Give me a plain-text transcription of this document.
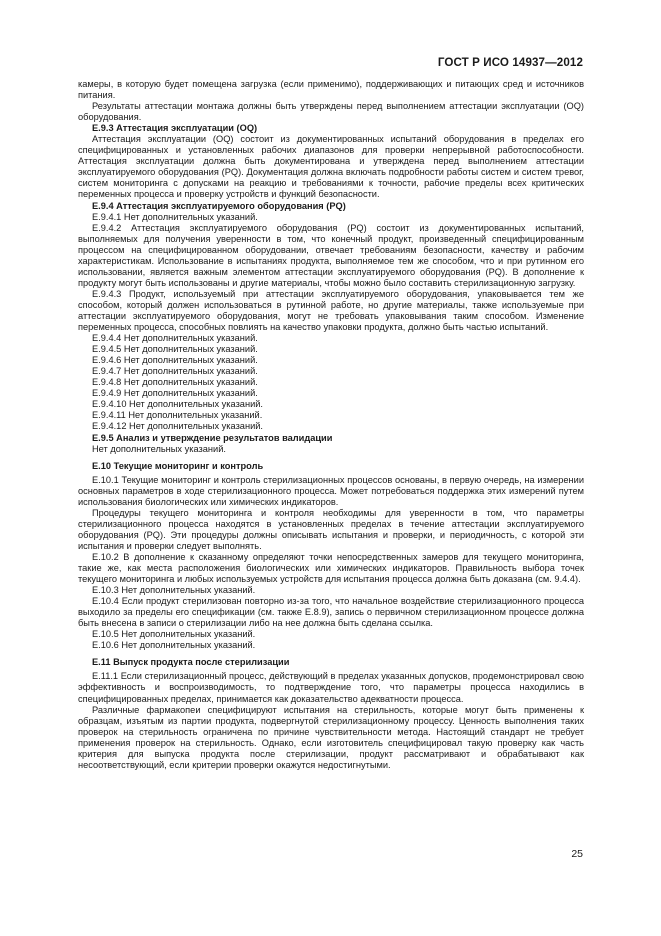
ГОСТ Р ИСО 14937—2012

камеры, в которую будет помещена загрузка (если применимо), поддерживающих и питающих сред и источников питания.

Результаты аттестации монтажа должны быть утверждены перед выполнением аттестации эксплуатации (OQ) оборудования.

Е.9.3 Аттестация эксплуатации (OQ)

Аттестация эксплуатации (OQ) состоит из документированных испытаний оборудования в пределах его специфицированных и установленных рабочих диапазонов для проверки непрерывной работоспособности. Аттестация эксплуатации должна быть документирована и утверждена перед выполнением аттестации эксплуатируемого оборудования (PQ). Документация должна включать подробности работы систем и систем тревог, систем мониторинга с допусками на реакцию и требованиями к точности, рабочие пределы всех критических переменных процесса и проверку устройств и функций безопасности.

Е.9.4 Аттестация эксплуатируемого оборудования (PQ)

Е.9.4.1 Нет дополнительных указаний.

Е.9.4.2 Аттестация эксплуатируемого оборудования (PQ) состоит из документированных испытаний, выполняемых для получения уверенности в том, что конечный продукт, произведенный специфицированным процессом на специфицированном оборудовании, отвечает требованиям безопасности, качеству и рабочим характеристикам. Использование в испытаниях продукта, выполняемое тем же способом, что и при рутинном его использовании, является важным элементом аттестации эксплуатируемого оборудования (PQ). В дополнение к продукту могут быть использованы и другие материалы, чтобы можно было составить стерилизационную загрузку.

Е.9.4.3 Продукт, используемый при аттестации эксплуатируемого оборудования, упаковывается тем же способом, который должен использоваться в рутинной работе, но другие материалы, также используемые при аттестации эксплуатируемого оборудования, могут не требовать упаковывания таким способом. Изменение переменных процесса, способных повлиять на качество упаковки продукта, должно быть частью испытаний.

Е.9.4.4 Нет дополнительных указаний.

Е.9.4.5 Нет дополнительных указаний.

Е.9.4.6 Нет дополнительных указаний.

Е.9.4.7 Нет дополнительных указаний.

Е.9.4.8 Нет дополнительных указаний.

Е.9.4.9 Нет дополнительных указаний.

Е.9.4.10 Нет дополнительных указаний.

Е.9.4.11 Нет дополнительных указаний.

Е.9.4.12 Нет дополнительных указаний.

Е.9.5 Анализ и утверждение результатов валидации

Нет дополнительных указаний.

Е.10 Текущие мониторинг и контроль

Е.10.1 Текущие мониторинг и контроль стерилизационных процессов основаны, в первую очередь, на измерении основных параметров в ходе стерилизационного процесса. Может потребоваться поддержка этих измерений путем использования биологических или химических индикаторов.

Процедуры текущего мониторинга и контроля необходимы для уверенности в том, что параметры стерилизационного процесса находятся в установленных пределах в течение аттестации эксплуатируемого оборудования (PQ). Эти процедуры должны описывать испытания и проверки, и периодичность, с которой эти испытания и проверки следует выполнять.

Е.10.2 В дополнение к сказанному определяют точки непосредственных замеров для текущего мониторинга, такие же, как места расположения биологических или химических индикаторов. Правильность выбора точек текущего мониторинга и любых используемых устройств для испытания процесса должна быть доказана (см. 9.4.4).

Е.10.3 Нет дополнительных указаний.

Е.10.4 Если продукт стерилизован повторно из-за того, что начальное воздействие стерилизационного процесса выходило за пределы его спецификации (см. также Е.8.9), запись о первичном стерилизационном процессе должна быть внесена в записи о стерилизации либо на нее должна быть сделана ссылка.

Е.10.5 Нет дополнительных указаний.

Е.10.6 Нет дополнительных указаний.

Е.11 Выпуск продукта после стерилизации

Е.11.1 Если стерилизационный процесс, действующий в пределах указанных допусков, продемонстрировал свою эффективность и воспроизводимость, то подтверждение того, что параметры процесса находились в специфицированных пределах, принимается как доказательство адекватности процесса.

Различные фармакопеи специфицируют испытания на стерильность, которые могут быть применены к образцам, изъятым из партии продукта, подвергнутой стерилизационному процессу. Ценность выполнения таких проверок на стерильность ограничена по причине чувствительности метода. Настоящий стандарт не требует применения проверок на стерильность. Однако, если изготовитель специфицировал такую проверку как часть критерия для выпуска продукта после стерилизации, продукт рассматривают и обрабатывают как несоответствующий, если критерии проверки окажутся недостигнутыми.

25
